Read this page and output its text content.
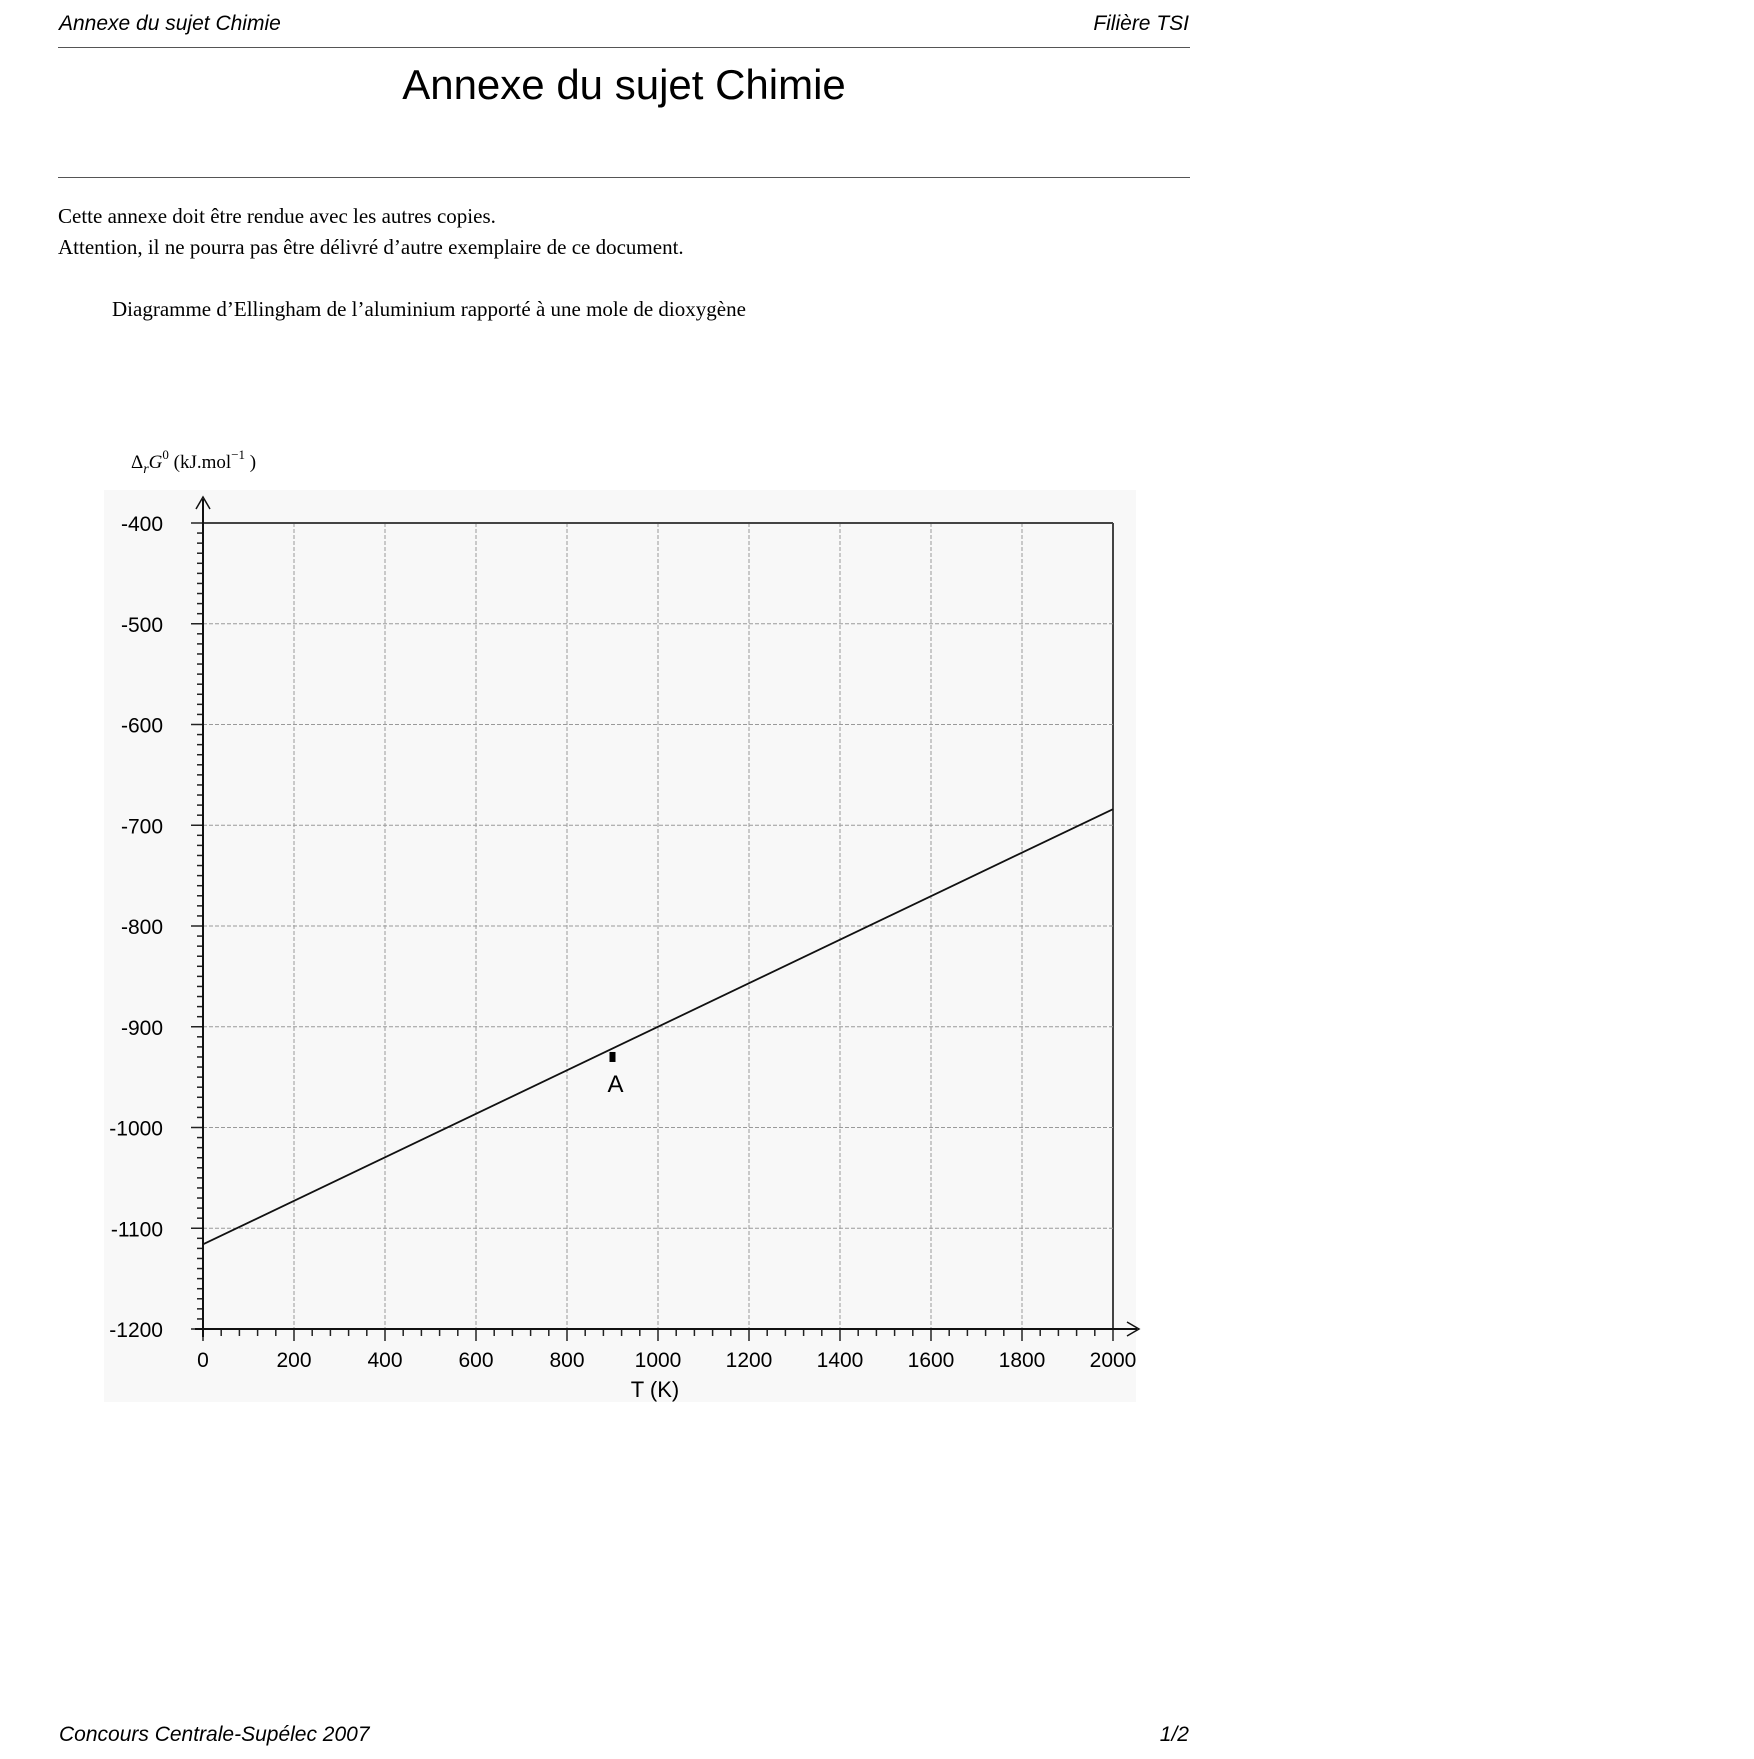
Annexe du sujet Chimie	Filière TSI
Annexe du sujet Chimie
Cette annexe doit être rendue avec les autres copies.
Attention, il ne pourra pas être délivré d’autre exemplaire de ce document.
Diagramme d’Ellingham de l’aluminium rapporté à une mole de dioxygène
-400
-500
-600
-700
-800
-900
-1000
-1100
-1200
0	200	400	600	800 1000 1200 1400 1600 1800 2000
A
$\Delta_rG^0$ (kJ.mol$^{-1}$ )
T (K)
Concours Centrale-Supélec 2007	1/2
